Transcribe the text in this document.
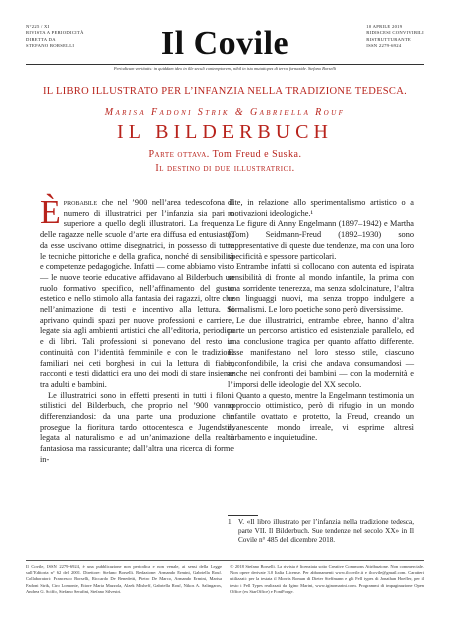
N°225 / XI
RIVISTA A PERIODICITÀ
DIRETTA DA
STEFANO BORSELLI	Il Covile	10 APRILE 2019
RIDISCESI CONVIVIBILI
RISTRUTTURANTE
ISSN 2279-6924
Periodicum vertitatis: in quiddam ideo in ille seculi contemptorem, nihil in isto mutatiopes di terra fornaxide. Stefano Borselli
IL LIBRO ILLUSTRATO PER L’INFANZIA NELLA TRADIZIONE TEDESCA.
Marisa Fadoni Strik & Gabriella Rouf
IL BILDERBUCH
Parte ottava. Tom Freud e Suska.
Il destino di due illustratrici.

Èprobabile che nel ’900 nell’area tedescofona il numero di illustratrici per l’infanzia sia pari o superiore a quello degli illustratori. La frequenza delle ragazze nelle scuole d’arte era diffusa ed entusiasta; da esse uscivano ottime disegnatrici, in possesso di tutte le tecniche pittoriche e della grafica, nonché di sensibilità e competenze pedagogiche. Infatti — come abbiamo visto — le nuove teorie educative affidavano al Bilderbuch un ruolo formativo specifico, nell’affinamento del gusto estetico e nello stimolo alla fantasia dei ragazzi, oltre che nell’animazione di testi e incentivo alla lettura. Si aprivano quindi spazi per nuove professioni e carriere, legate sia agli ambienti artistici che all’editoria, periodica e di libri. Tali professioni si ponevano del resto in continuità con l’identità femminile e con le tradizioni familiari nei ceti borghesi in cui la lettura di fiabe, racconti e testi didattici era uno dei modi di stare insieme tra adulti e bambini.

Le illustratrici sono in effetti presenti in tutti i filoni stilistici del Bilderbuch, che proprio nel ’900 vanno differenziandosi: da una parte una produzione che prosegue la fioritura tardo ottocentesca e Jugendstil, legata al naturalismo e ad un’animazione della realtà fantasiosa ma rassicurante; dall’altra una ricerca di forme in-

dite, in relazione allo sperimentalismo artistico o a motivazioni ideologiche.¹

Le figure di Anny Engelmann (1897–1942) e Martha (Tom) Seidmann-Freud (1892–1930) sono rappresentative di queste due tendenze, ma con una loro specificità e spessore particolari.

Entrambe infatti si collocano con autenta ed ispirata sensibilità di fronte al mondo infantile, la prima con una sorridente tenerezza, ma senza sdolcinature, l’altra con linguaggi nuovi, ma senza troppo indulgere a formalismi. Le loro poetiche sono però diversissime.

Le due illustratrici, entrambe ebree, hanno d’altra parte un percorso artistico ed esistenziale parallelo, ed una conclusione tragica per quanto affatto differente. Esse manifestano nel loro stesso stile, ciascuno inconfondibile, la crisi che andava consumandosi — anche nei confronti dei bambini — con la modernità e l’imporsi delle ideologie del XX secolo.

Quanto a questo, mentre la Engelmann testimonia un approccio ottimistico, però di rifugio in un mondo infantile ovattato e protetto, la Freud, creando un evanescente mondo irreale, vi esprime altresì turbamento e inquietudine.

1 V. «Il libro illustrato per l’infanzia nella tradizione tedesca, parte VII. Il Bilderbuch. Sue tendenze nel secolo XX» in Il Covile n° 485 del dicembre 2018.
Il Covile, ISSN 2279-6924, è una pubblicazione non periodica e non venale, ai sensi della Legge sull’Editoria n° 62 del 2001. Direttore: Stefano Borselli. Redazione: Armando Ermini, Gabriella Rouf. Collaboratori: Francesco Borselli, Riccardo De Benedetti, Pietro De Marco, Armando Ermini, Marisa Fadoni Strik, Ciro Lomonte, Ettore Maria Mazzola, Alzek Misheff, Gabriella Rouf, Nikos A. Salingaros, Andrea G. Sciffo, Stefano Serafini, Stefano Silvestri.
© 2018 Stefano Borselli. La rivista è licenziata sotto Creative Commons Attribuzione. Non commerciale. Non opere derivate 3.0 Italia License. Per abbonamenti www.ilcovile.it e ilcovile@gmail.com. Caratteri utilizzati: per la testata il Morris Roman di Dieter Steffmann e gli Fell types di Jonathan Hoefler, per il testo i Fell Types realizzati da Igino Marini, www.iginomarini.com. Programmi di impaginazione Open Office (ex StarOffice) e FontForge.
